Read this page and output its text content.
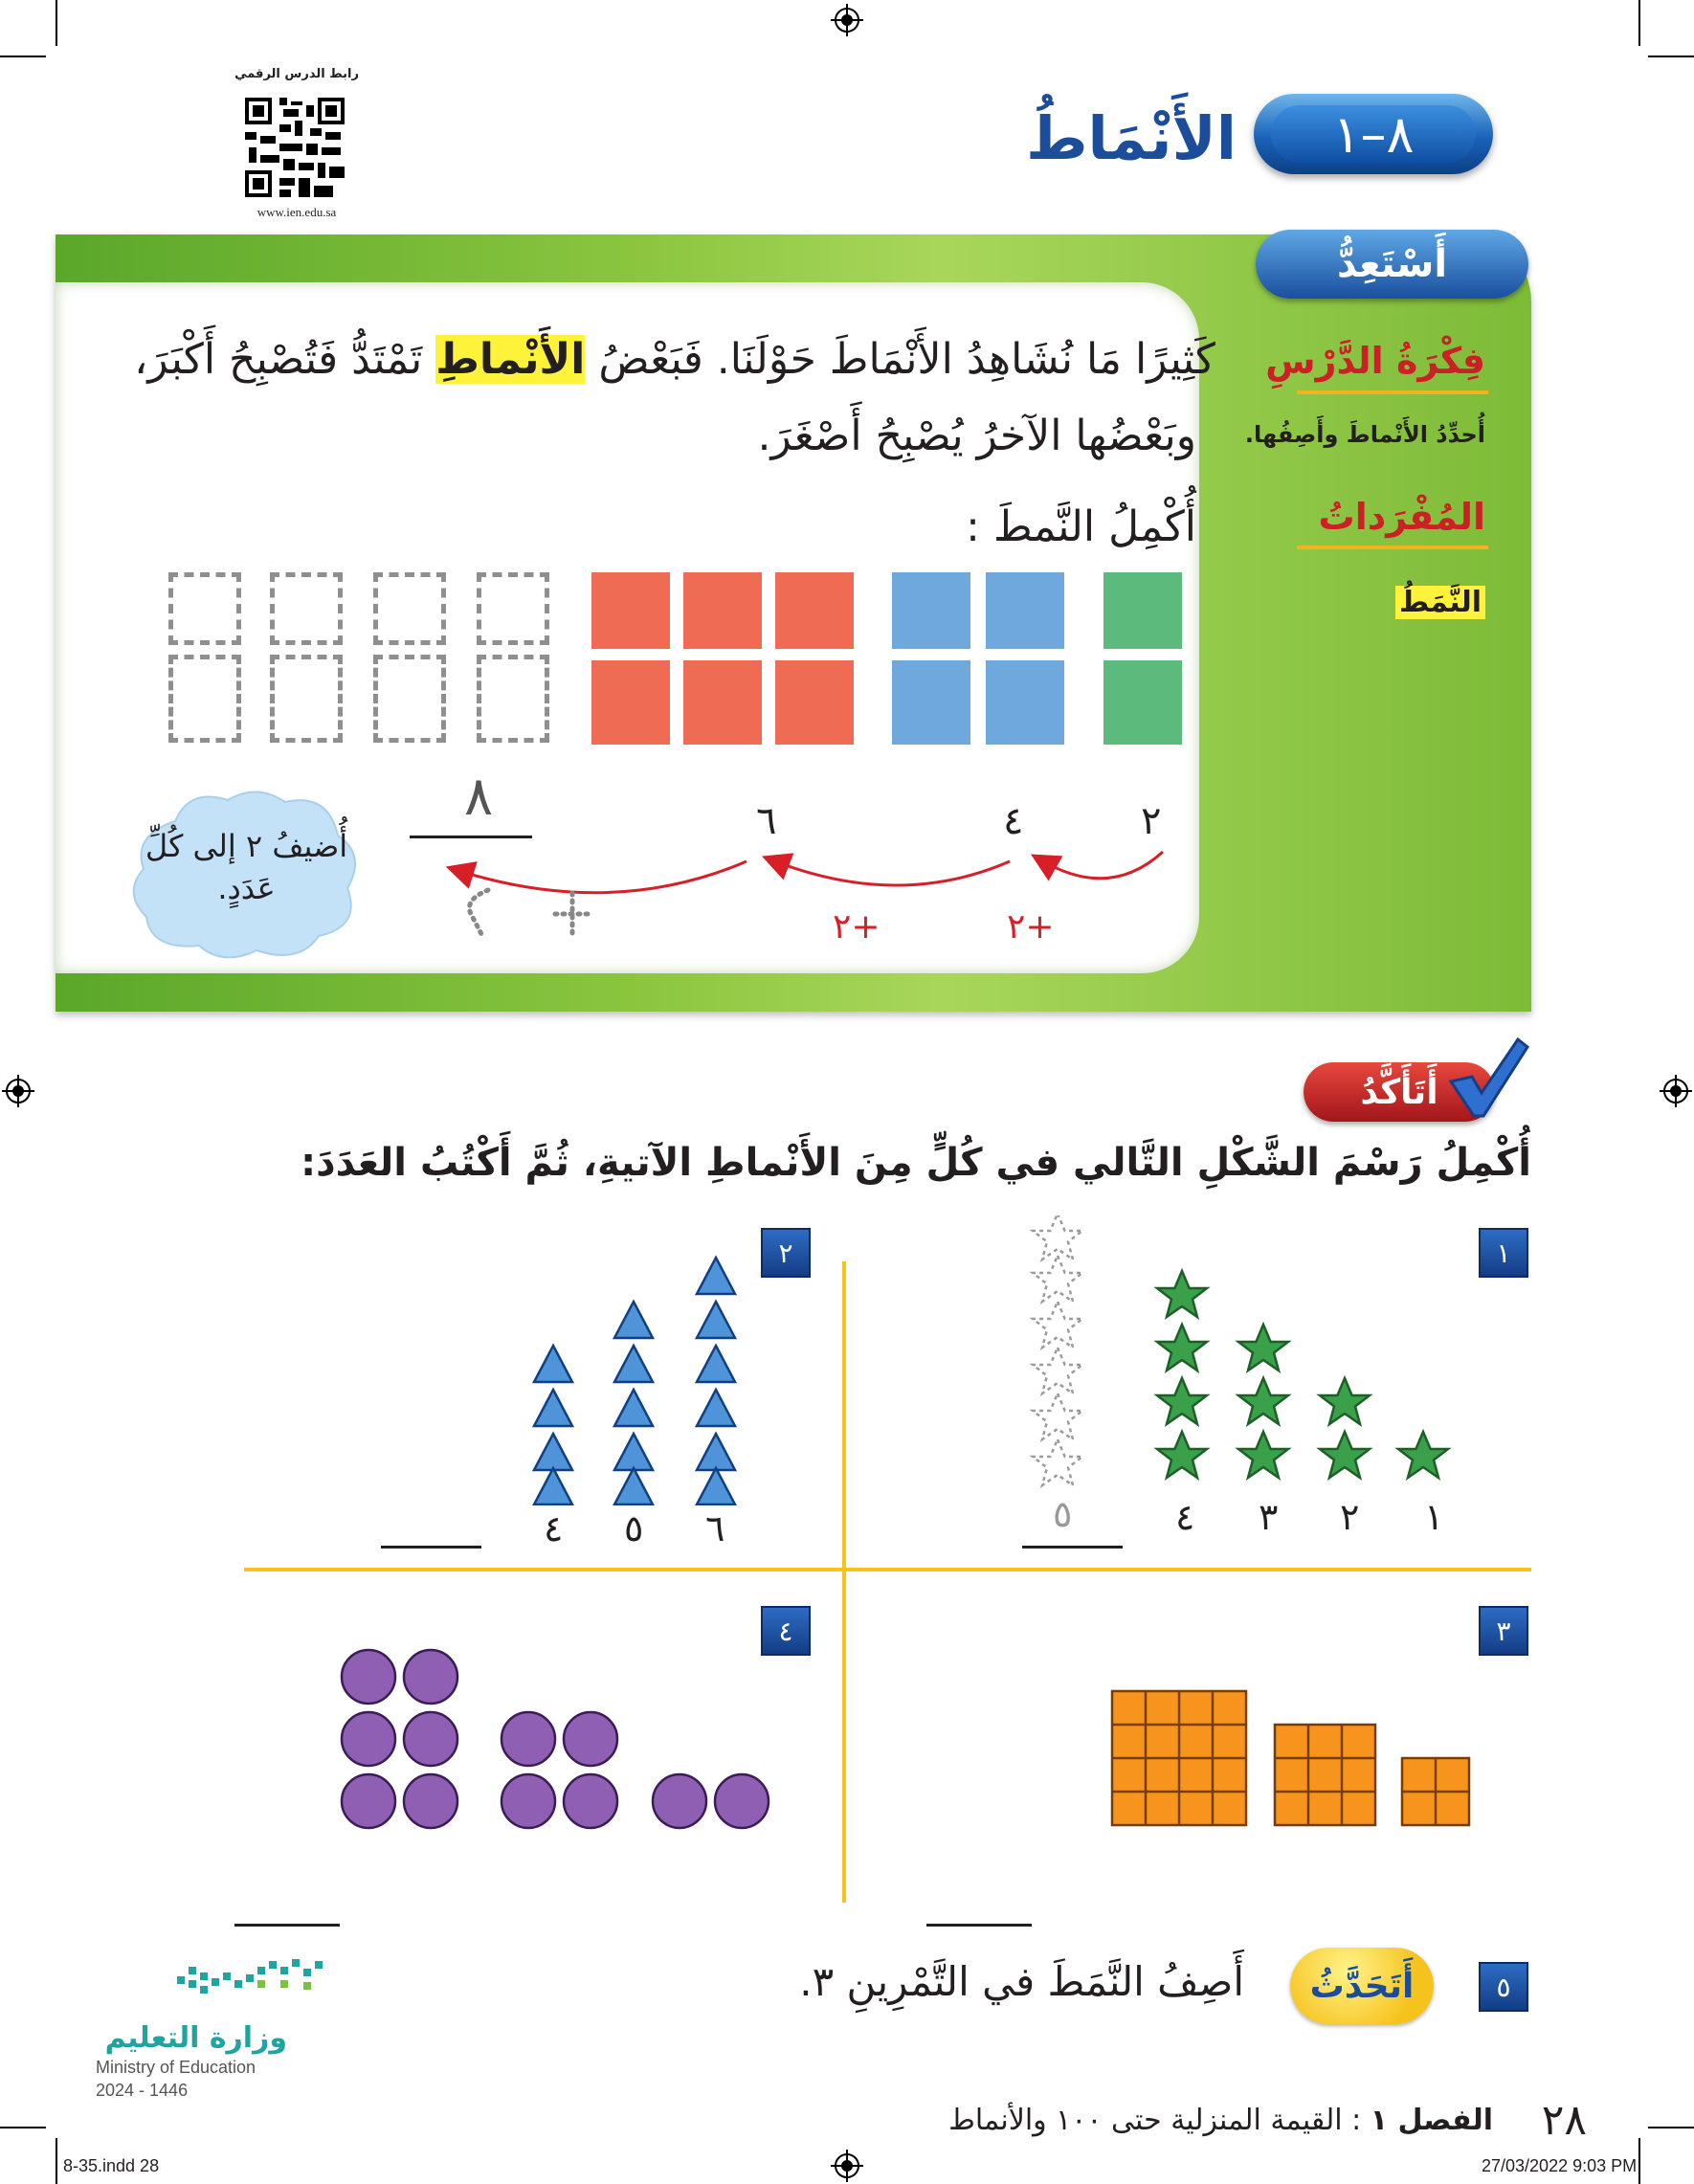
رابط الدرس الرقمي
www.ien.edu.sa
٨–١
الأَنْمَاطُ
أَسْتَعِدُّ
فِكْرَةُ الدَّرْسِ
أُحدِّدُ الأَنْماطَ وأَصِفُها.
المُفْرَداتُ
النَّمَطُ
كَثِيرًا مَا نُشَاهِدُ الأَنْمَاطَ حَوْلَنَا. فَبَعْضُ الأَنْماطِ تَمْتَدُّ فَتُصْبِحُ أَكْبَرَ،
وبَعْضُها الآخرُ يُصْبِحُ أَصْغَرَ.
أُكْمِلُ النَّمطَ :
٢
٤
٦
٨
+٢
+٢
أُضيفُ ٢ إلى كُلِّ عَدَدٍ.
أَتَأَكَّدُ
أُكْمِلُ رَسْمَ الشَّكْلِ التَّالي في كُلٍّ مِنَ الأَنْماطِ الآتيةِ، ثُمَّ أَكْتُبُ العَدَدَ:
١
١
٢
٣
٤
٥
٢
٦
٥
٤
٣
٤
٥
أَتَحَدَّثُ
أَصِفُ النَّمَطَ في التَّمْرِينِ ٣.
وزارة التعليم
Ministry of Education
2024 - 1446
٢٨
الفصل ١ : القيمة المنزلية حتى ١٠٠ والأنماط
8-35.indd 28	27/03/2022 9:03 PM
